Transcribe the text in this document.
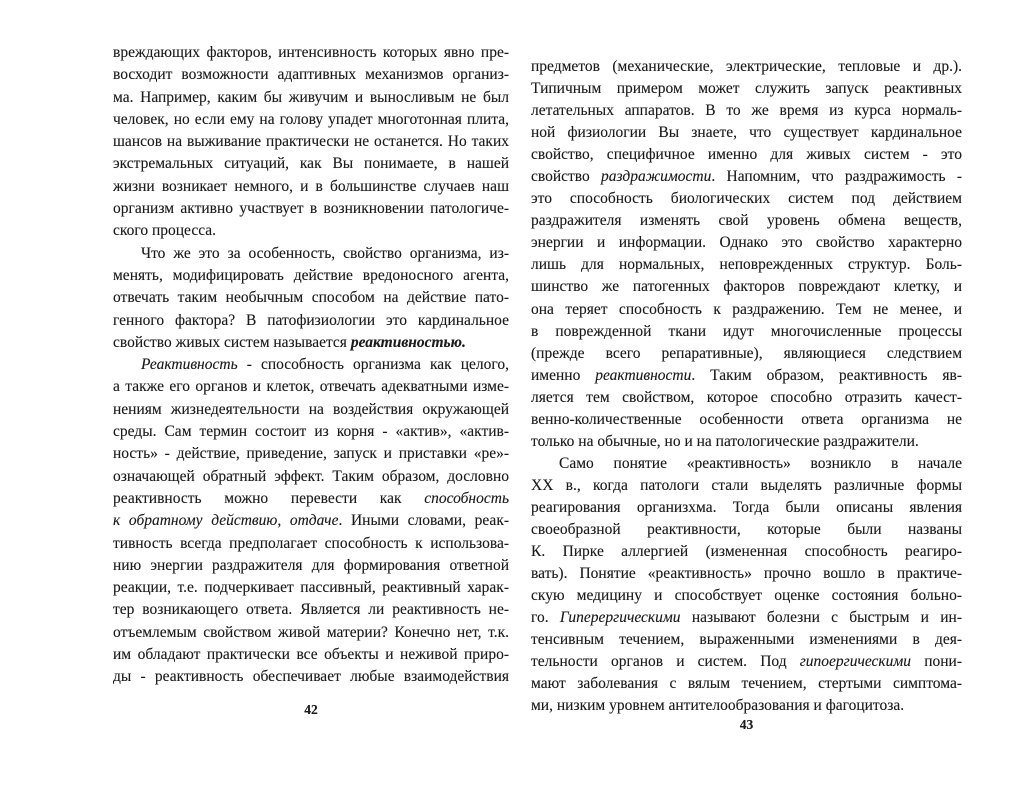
вреждающих факторов, интенсивность которых явно пре-
восходит возможности адаптивных механизмов организ-
ма. Например, каким бы живучим и выносливым не был
человек, но если ему на голову упадет многотонная плита,
шансов на выживание практически не останется. Но таких
экстремальных ситуаций, как Вы понимаете, в нашей
жизни возникает немного, и в большинстве случаев наш
организм активно участвует в возникновении патологиче-
ского процесса.
Что же это за особенность, свойство организма, из-
менять, модифицировать действие вредоносного агента,
отвечать таким необычным способом на действие пато-
генного фактора? В патофизиологии это кардинальное
свойство живых систем называется реактивностью.
Реактивность - способность организма как целого,
а также его органов и клеток, отвечать адекватными изме-
нениям жизнедеятельности на воздействия окружающей
среды. Сам термин состоит из корня - «актив», «актив-
ность» - действие, приведение, запуск и приставки «ре»-
означающей обратный эффект. Таким образом, дословно
реактивность можно перевести как способность
к обратному действию, отдаче. Иными словами, реак-
тивность всегда предполагает способность к использова-
нию энергии раздражителя для формирования ответной
реакции, т.е. подчеркивает пассивный, реактивный харак-
тер возникающего ответа. Является ли реактивность не-
отъемлемым свойством живой материи? Конечно нет, т.к.
им обладают практически все объекты и неживой приро-
ды - реактивность обеспечивает любые взаимодействия
42
предметов (механические, электрические, тепловые и др.).
Типичным примером может служить запуск реактивных
летательных аппаратов. В то же время из курса нормаль-
ной физиологии Вы знаете, что существует кардинальное
свойство, специфичное именно для живых систем - это
свойство раздражимости. Напомним, что раздражимость -
это способность биологических систем под действием
раздражителя изменять свой уровень обмена веществ,
энергии и информации. Однако это свойство характерно
лишь для нормальных, неповрежденных структур. Боль-
шинство же патогенных факторов повреждают клетку, и
она теряет способность к раздражению. Тем не менее, и
в поврежденной ткани идут многочисленные процессы
(прежде всего репаративные), являющиеся следствием
именно реактивности. Таким образом, реактивность яв-
ляется тем свойством, которое способно отразить качест-
венно-количественные особенности ответа организма не
только на обычные, но и на патологические раздражители.
Само понятие «реактивность» возникло в начале
XX в., когда патологи стали выделять различные формы
реагирования организхма. Тогда были описаны явления
своеобразной реактивности, которые были названы
К. Пирке аллергией (измененная способность реагиро-
вать). Понятие «реактивность» прочно вошло в практиче-
скую медицину и способствует оценке состояния больно-
го. Гиперергическими называют болезни с быстрым и ин-
тенсивным течением, выраженными изменениями в дея-
тельности органов и систем. Под гипоергическими пони-
мают заболевания с вялым течением, стертыми симптома-
ми, низким уровнем антителообразования и фагоцитоза.
43
